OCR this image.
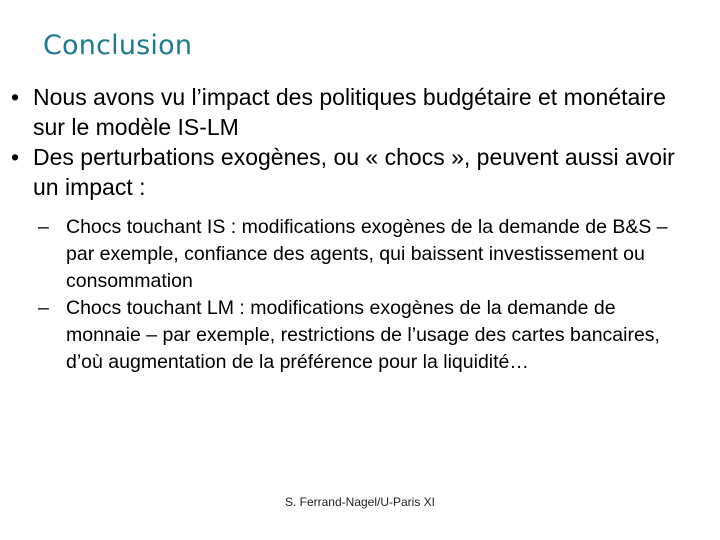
Conclusion

• Nous avons vu l’impact des politiques budgétaire et monétaire sur le modèle IS-LM

• Des perturbations exogènes, ou « chocs », peuvent aussi avoir un impact :

– Chocs touchant IS : modifications exogènes de la demande de B&S – par exemple, confiance des agents, qui baissent investissement ou consommation

– Chocs touchant LM : modifications exogènes de la demande de monnaie – par exemple, restrictions de l’usage des cartes bancaires, d’où augmentation de la préférence pour la liquidité…

S. Ferrand-Nagel/U-Paris XI
